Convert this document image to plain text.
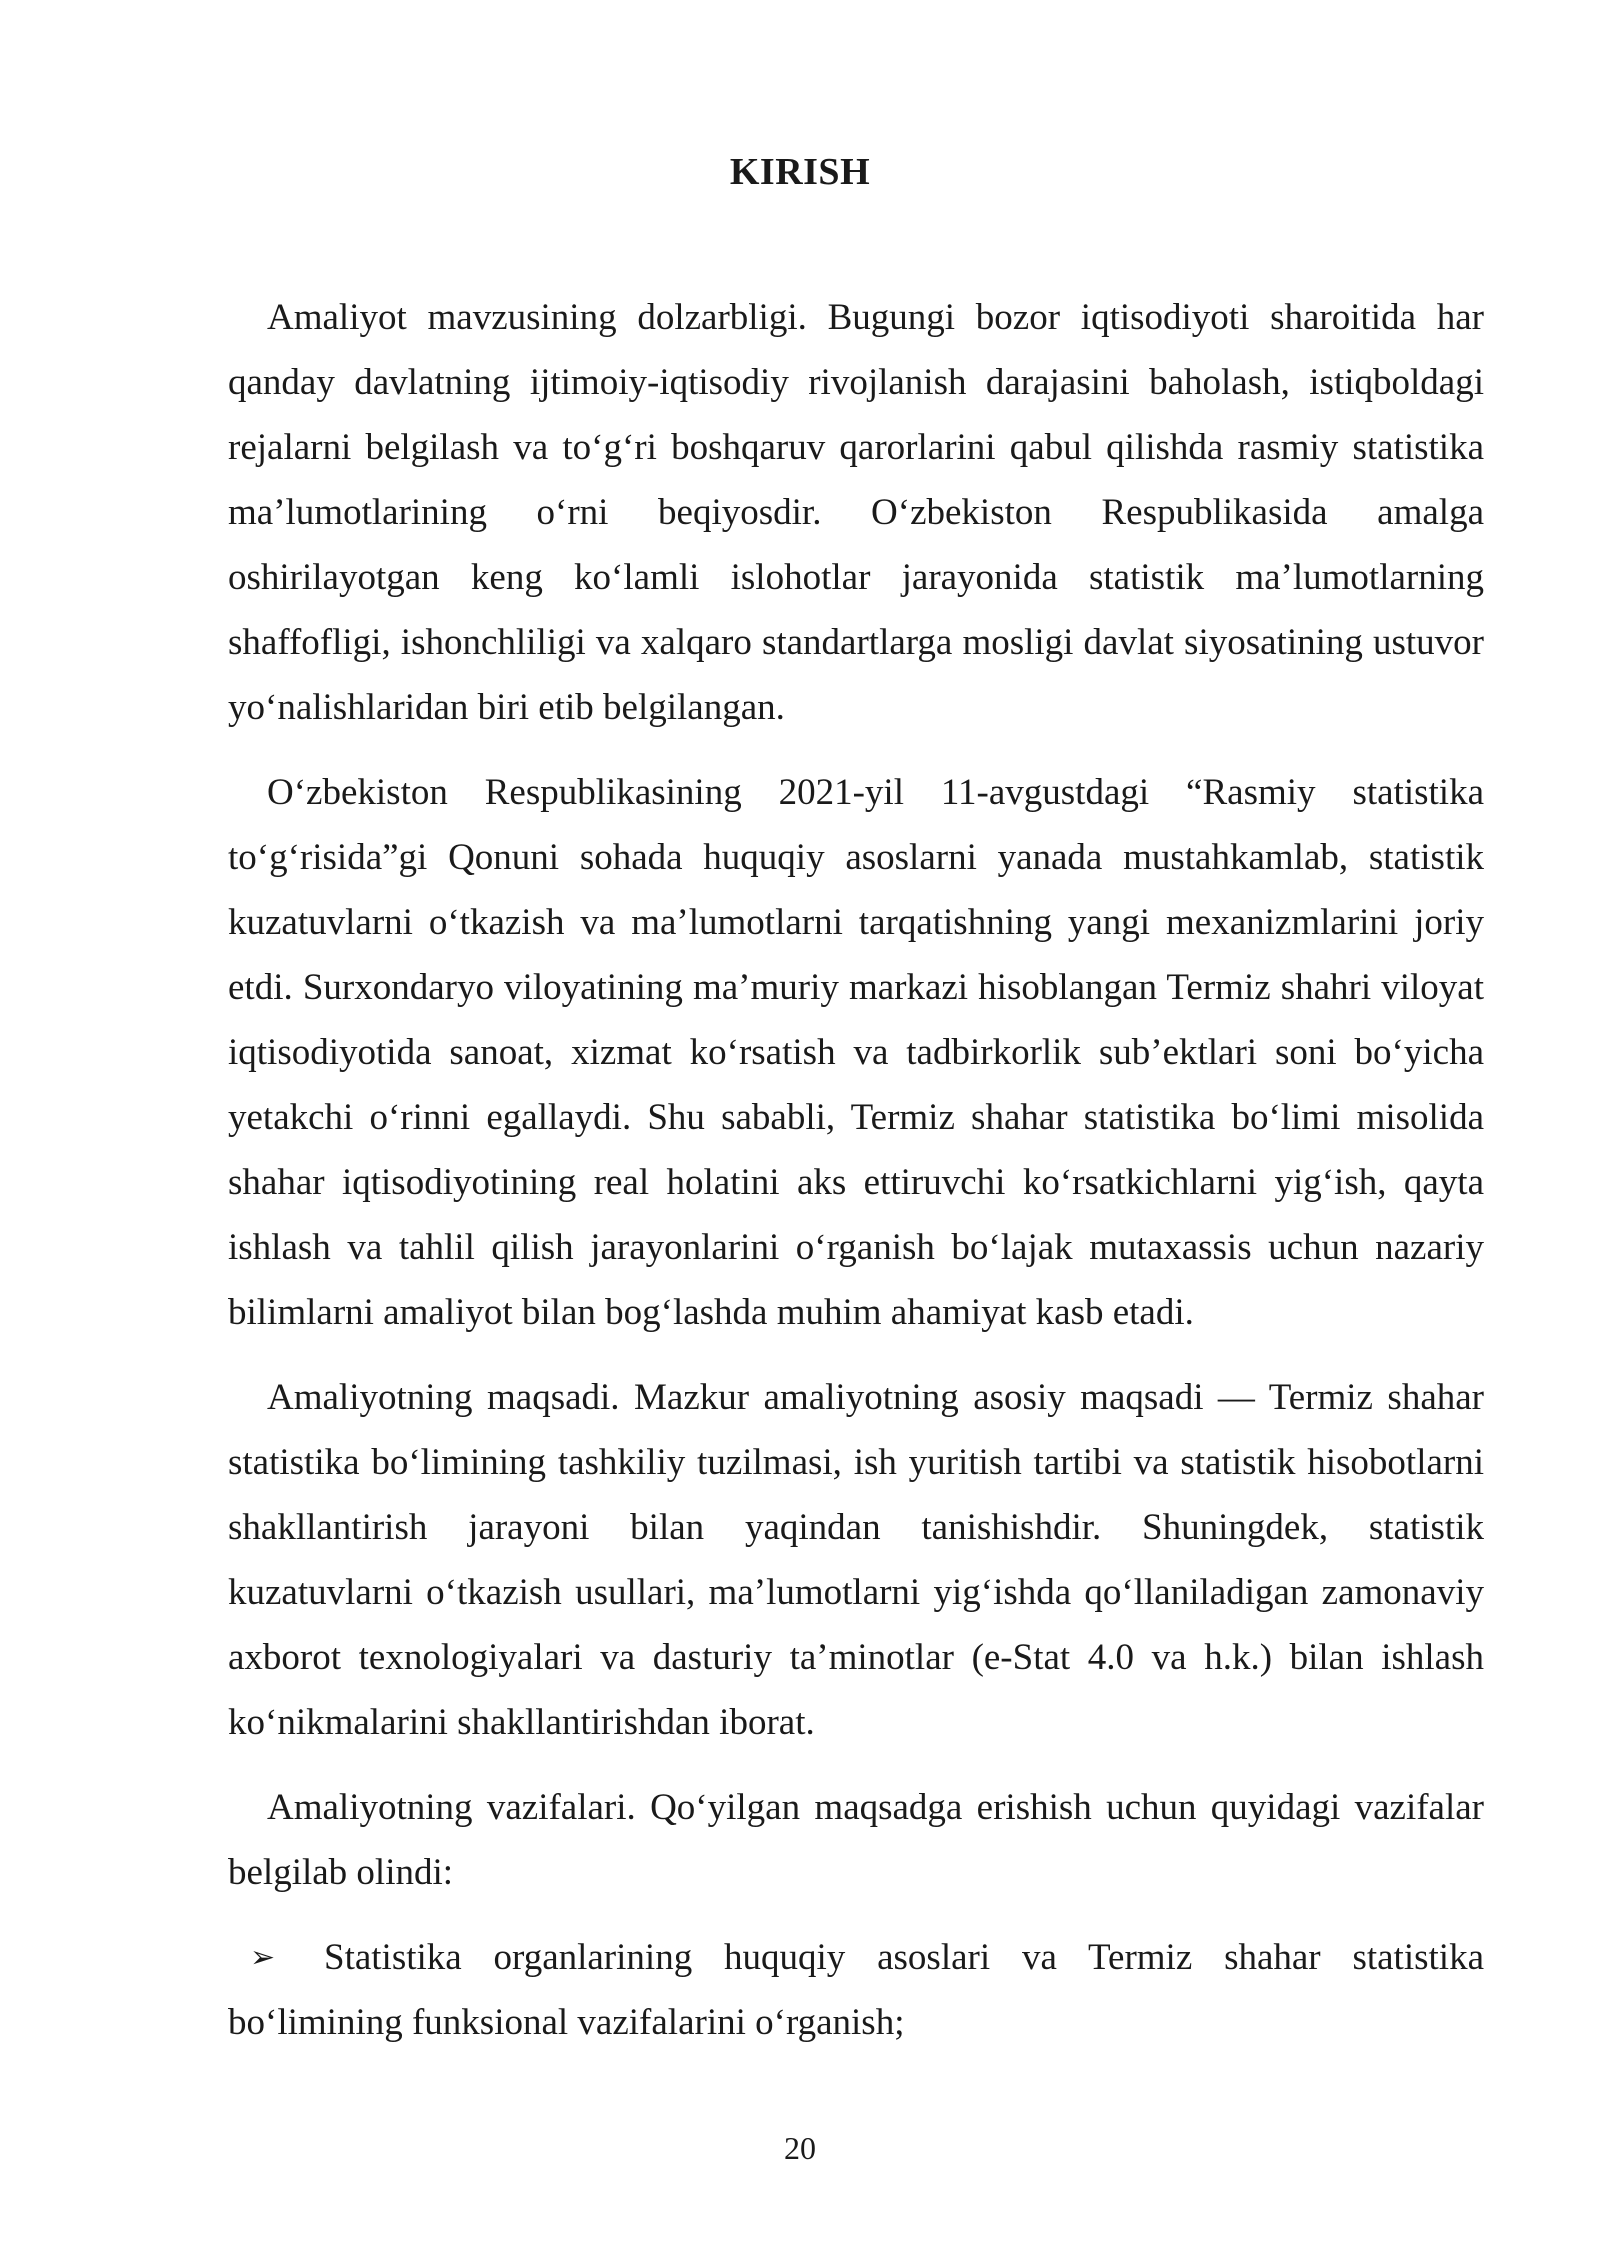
KIRISH

Amaliyot mavzusining dolzarbligi. Bugungi bozor iqtisodiyoti sharoitida har qanday davlatning ijtimoiy-iqtisodiy rivojlanish darajasini baholash, istiqboldagi rejalarni belgilash va to‘g‘ri boshqaruv qarorlarini qabul qilishda rasmiy statistika ma’lumotlarining o‘rni beqiyosdir. O‘zbekiston Respublikasida amalga oshirilayotgan keng ko‘lamli islohotlar jarayonida statistik ma’lumotlarning shaffofligi, ishonchliligi va xalqaro standartlarga mosligi davlat siyosatining ustuvor yo‘nalishlaridan biri etib belgilangan.

O‘zbekiston Respublikasining 2021-yil 11-avgustdagi “Rasmiy statistika to‘g‘risida”gi Qonuni sohada huquqiy asoslarni yanada mustahkamlab, statistik kuzatuvlarni o‘tkazish va ma’lumotlarni tarqatishning yangi mexanizmlarini joriy etdi. Surxondaryo viloyatining ma’muriy markazi hisoblangan Termiz shahri viloyat iqtisodiyotida sanoat, xizmat ko‘rsatish va tadbirkorlik sub’ektlari soni bo‘yicha yetakchi o‘rinni egallaydi. Shu sababli, Termiz shahar statistika bo‘limi misolida shahar iqtisodiyotining real holatini aks ettiruvchi ko‘rsatkichlarni yig‘ish, qayta ishlash va tahlil qilish jarayonlarini o‘rganish bo‘lajak mutaxassis uchun nazariy bilimlarni amaliyot bilan bog‘lashda muhim ahamiyat kasb etadi.

Amaliyotning maqsadi. Mazkur amaliyotning asosiy maqsadi — Termiz shahar statistika bo‘limining tashkiliy tuzilmasi, ish yuritish tartibi va statistik hisobotlarni shakllantirish jarayoni bilan yaqindan tanishishdir. Shuningdek, statistik kuzatuvlarni o‘tkazish usullari, ma’lumotlarni yig‘ishda qo‘llaniladigan zamonaviy axborot texnologiyalari va dasturiy ta’minotlar (e-Stat 4.0 va h.k.) bilan ishlash ko‘nikmalarini shakllantirishdan iborat.

Amaliyotning vazifalari. Qo‘yilgan maqsadga erishish uchun quyidagi vazifalar belgilab olindi:

➢ Statistika organlarining huquqiy asoslari va Termiz shahar statistika bo‘limining funksional vazifalarini o‘rganish;

20
